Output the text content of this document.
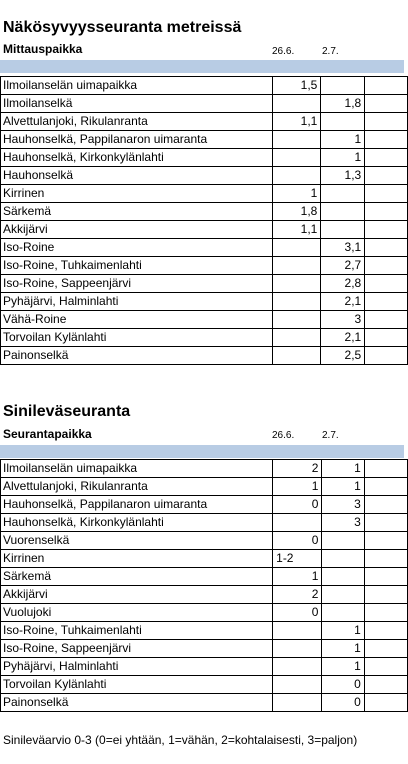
Näkösyvyysseuranta metreissä
Mittauspaikka	26.6.	2.7.
Ilmoilanselän uimapaikka	1,5		
Ilmoilanselkä		1,8	
Alvettulanjoki, Rikulanranta	1,1		
Hauhonselkä, Pappilanaron uimaranta		1	
Hauhonselkä, Kirkonkylänlahti		1	
Hauhonselkä		1,3	
Kirrinen	1		
Särkemä	1,8		
Akkijärvi	1,1		
Iso-Roine		3,1	
Iso-Roine, Tuhkaimenlahti		2,7	
Iso-Roine, Sappeenjärvi		2,8	
Pyhäjärvi, Halminlahti		2,1	
Vähä-Roine		3	
Torvoilan Kylänlahti		2,1	
Painonselkä		2,5	
Sinileväseuranta
Seurantapaikka	26.6.	2.7.
Ilmoilanselän uimapaikka	2	1	
Alvettulanjoki, Rikulanranta	1	1	
Hauhonselkä, Pappilanaron uimaranta	0	3	
Hauhonselkä, Kirkonkylänlahti		3	
Vuorenselkä	0		
Kirrinen	1-2		
Särkemä	1		
Akkijärvi	2		
Vuolujoki	0		
Iso-Roine, Tuhkaimenlahti		1	
Iso-Roine, Sappeenjärvi		1	
Pyhäjärvi, Halminlahti		1	
Torvoilan Kylänlahti		0	
Painonselkä		0	
Sinileväarvio 0-3 (0=ei yhtään, 1=vähän, 2=kohtalaisesti, 3=paljon)
